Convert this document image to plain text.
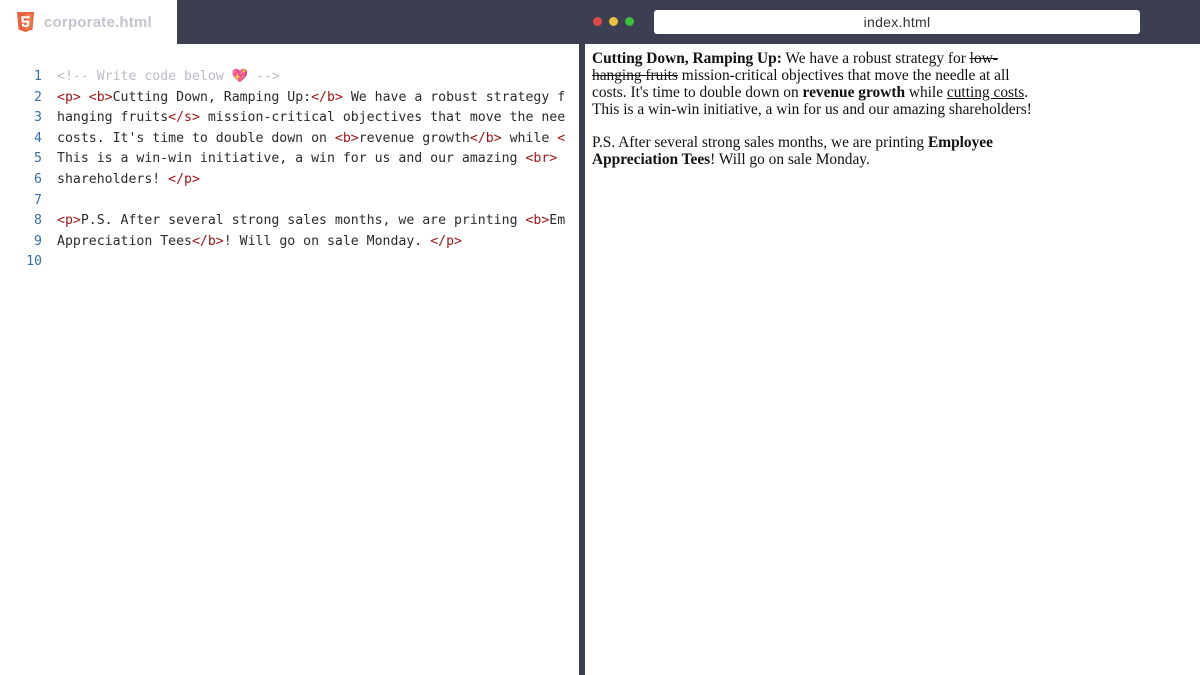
corporate.html
1 <!-- Write code below 💖 -->
2 <p> <b>Cutting Down, Ramping Up:</b> We have a robust strategy f
3 hanging fruits</s> mission-critical objectives that move the nee
4 costs. It's time to double down on <b>revenue growth</b> while <
5 This is a win-win initiative, a win for us and our amazing <br>
6 shareholders! </p>
7
8 <p>P.S. After several strong sales months, we are printing <b>Em
9 Appreciation Tees</b>! Will go on sale Monday. </p>
10
index.html

Cutting Down, Ramping Up: We have a robust strategy for low-hanging fruits mission-critical objectives that move the needle at all costs. It's time to double down on revenue growth while cutting costs. This is a win-win initiative, a win for us and our amazing shareholders!

P.S. After several strong sales months, we are printing Employee Appreciation Tees! Will go on sale Monday.
